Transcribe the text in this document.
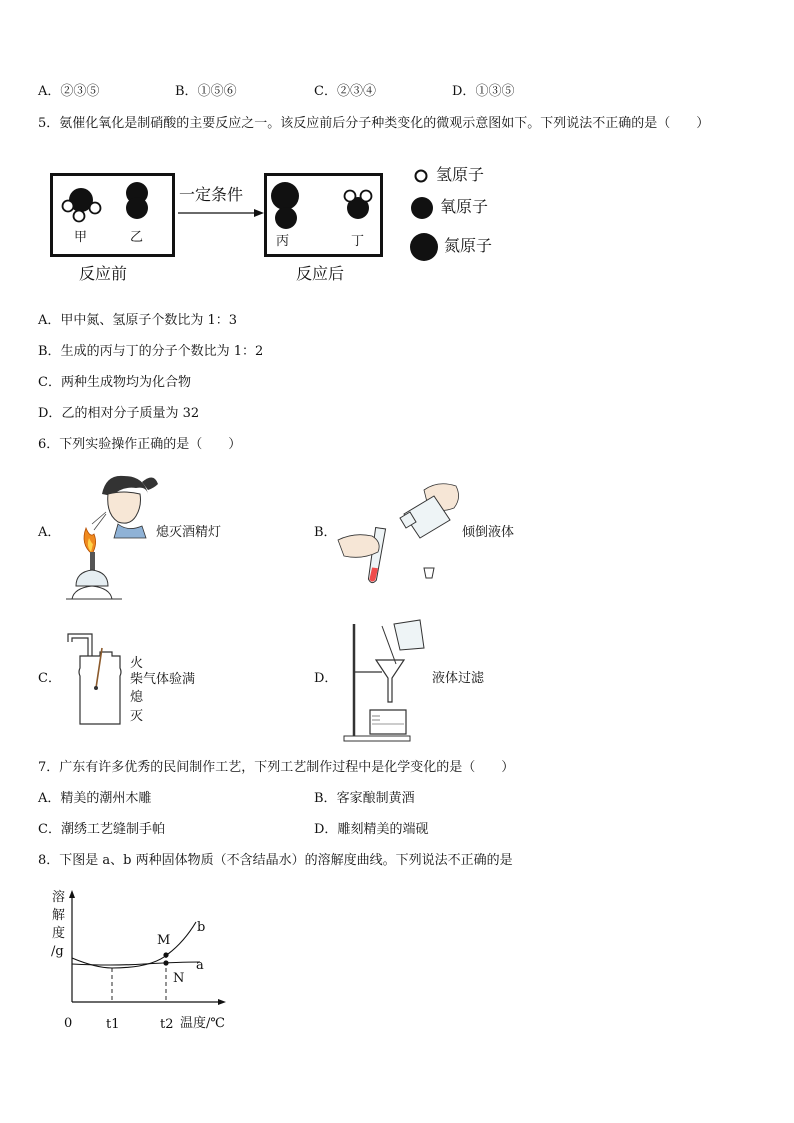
A．②③⑤	B．①⑤⑥	C．②③④	D．①③⑤
5．氨催化氧化是制硝酸的主要反应之一。该反应前后分子种类变化的微观示意图如下。下列说法不正确的是（　　）
一定条件
甲	乙	丙	丁
反应前	反应后
氢原子
氧原子
氮原子
A．甲中氮、氢原子个数比为 1：3
B．生成的丙与丁的分子个数比为 1：2
C．两种生成物均为化合物
D．乙的相对分子质量为 32
6．下列实验操作正确的是（　　）
A．	熄灭酒精灯	B．	倾倒液体
C．
火
柴气体验满
熄
灭
D．	液体过滤
7．广东有许多优秀的民间制作工艺，下列工艺制作过程中是化学变化的是（　　）
A．精美的潮州木雕	B．客家酿制黄酒
C．潮绣工艺缝制手帕	D．雕刻精美的端砚
8．下图是 a、b 两种固体物质（不含结晶水）的溶解度曲线。下列说法不正确的是
溶
解
度
/g
b
a
M
N
0	t1	t2 温度/℃
